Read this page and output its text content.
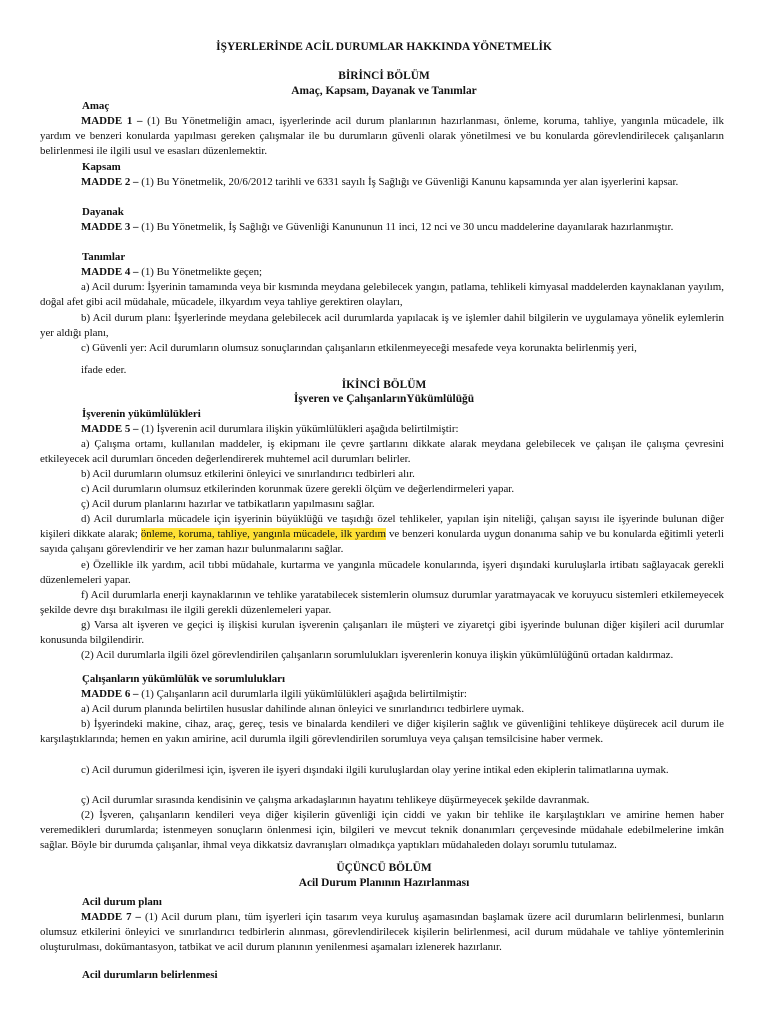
İŞYERLERİNDE ACİL DURUMLAR HAKKINDA YÖNETMELİK
BİRİNCİ BÖLÜM
Amaç, Kapsam, Dayanak ve Tanımlar
Amaç
MADDE 1 – (1) Bu Yönetmeliğin amacı, işyerlerinde acil durum planlarının hazırlanması, önleme, koruma, tahliye, yangınla mücadele, ilk yardım ve benzeri konularda yapılması gereken çalışmalar ile bu durumların güvenli olarak yönetilmesi ve bu konularda görevlendirilecek çalışanların belirlenmesi ile ilgili usul ve esasları düzenlemektir.
Kapsam
MADDE 2 – (1) Bu Yönetmelik, 20/6/2012 tarihli ve 6331 sayılı İş Sağlığı ve Güvenliği Kanunu kapsamında yer alan işyerlerini kapsar.
Dayanak
MADDE 3 – (1) Bu Yönetmelik, İş Sağlığı ve Güvenliği Kanununun 11 inci, 12 nci ve 30 uncu maddelerine dayanılarak hazırlanmıştır.
Tanımlar
MADDE 4 – (1) Bu Yönetmelikte geçen;
a) Acil durum: İşyerinin tamamında veya bir kısmında meydana gelebilecek yangın, patlama, tehlikeli kimyasal maddelerden kaynaklanan yayılım, doğal afet gibi acil müdahale, mücadele, ilkyardım veya tahliye gerektiren olayları,
b) Acil durum planı: İşyerlerinde meydana gelebilecek acil durumlarda yapılacak iş ve işlemler dahil bilgilerin ve uygulamaya yönelik eylemlerin yer aldığı planı,
c) Güvenli yer: Acil durumların olumsuz sonuçlarından çalışanların etkilenmeyeceği mesafede veya korunakta belirlenmiş yeri,
ifade eder.
İKİNCİ BÖLÜM
İşveren ve ÇalışanlarınYükümlülüğü
İşverenin yükümlülükleri
MADDE 5 – (1) İşverenin acil durumlara ilişkin yükümlülükleri aşağıda belirtilmiştir:
a) Çalışma ortamı, kullanılan maddeler, iş ekipmanı ile çevre şartlarını dikkate alarak meydana gelebilecek ve çalışan ile çalışma çevresini etkileyecek acil durumları önceden değerlendirerek muhtemel acil durumları belirler.
b) Acil durumların olumsuz etkilerini önleyici ve sınırlandırıcı tedbirleri alır.
c) Acil durumların olumsuz etkilerinden korunmak üzere gerekli ölçüm ve değerlendirmeleri yapar.
ç) Acil durum planlarını hazırlar ve tatbikatların yapılmasını sağlar.
d) Acil durumlarla mücadele için işyerinin büyüklüğü ve taşıdığı özel tehlikeler, yapılan işin niteliği, çalışan sayısı ile işyerinde bulunan diğer kişileri dikkate alarak; önleme, koruma, tahliye, yangınla mücadele, ilk yardım ve benzeri konularda uygun donanıma sahip ve bu konularda eğitimli yeterli sayıda çalışanı görevlendirir ve her zaman hazır bulunmalarını sağlar.
e) Özellikle ilk yardım, acil tıbbi müdahale, kurtarma ve yangınla mücadele konularında, işyeri dışındaki kuruluşlarla irtibatı sağlayacak gerekli düzenlemeleri yapar.
f) Acil durumlarla enerji kaynaklarının ve tehlike yaratabilecek sistemlerin olumsuz durumlar yaratmayacak ve koruyucu sistemleri etkilemeyecek şekilde devre dışı bırakılması ile ilgili gerekli düzenlemeleri yapar.
g) Varsa alt işveren ve geçici iş ilişkisi kurulan işverenin çalışanları ile müşteri ve ziyaretçi gibi işyerinde bulunan diğer kişileri acil durumlar konusunda bilgilendirir.
(2) Acil durumlarla ilgili özel görevlendirilen çalışanların sorumlulukları işverenlerin konuya ilişkin yükümlülüğünü ortadan kaldırmaz.
Çalışanların yükümlülük ve sorumlulukları
MADDE 6 – (1) Çalışanların acil durumlarla ilgili yükümlülükleri aşağıda belirtilmiştir:
a) Acil durum planında belirtilen hususlar dahilinde alınan önleyici ve sınırlandırıcı tedbirlere uymak.
b) İşyerindeki makine, cihaz, araç, gereç, tesis ve binalarda kendileri ve diğer kişilerin sağlık ve güvenliğini tehlikeye düşürecek acil durum ile karşılaştıklarında; hemen en yakın amirine, acil durumla ilgili görevlendirilen sorumluya veya çalışan temsilcisine haber vermek.
c) Acil durumun giderilmesi için, işveren ile işyeri dışındaki ilgili kuruluşlardan olay yerine intikal eden ekiplerin talimatlarına uymak.
ç) Acil durumlar sırasında kendisinin ve çalışma arkadaşlarının hayatını tehlikeye düşürmeyecek şekilde davranmak.
(2) İşveren, çalışanların kendileri veya diğer kişilerin güvenliği için ciddi ve yakın bir tehlike ile karşılaştıkları ve amirine hemen haber veremedikleri durumlarda; istenmeyen sonuçların önlenmesi için, bilgileri ve mevcut teknik donanımları çerçevesinde müdahale edebilmelerine imkân sağlar. Böyle bir durumda çalışanlar, ihmal veya dikkatsiz davranışları olmadıkça yaptıkları müdahaleden dolayı sorumlu tutulamaz.
ÜÇÜNCÜ BÖLÜM
Acil Durum Planının Hazırlanması
Acil durum planı
MADDE 7 – (1) Acil durum planı, tüm işyerleri için tasarım veya kuruluş aşamasından başlamak üzere acil durumların belirlenmesi, bunların olumsuz etkilerini önleyici ve sınırlandırıcı tedbirlerin alınması, görevlendirilecek kişilerin belirlenmesi, acil durum müdahale ve tahliye yöntemlerinin oluşturulması, dokümantasyon, tatbikat ve acil durum planının yenilenmesi aşamaları izlenerek hazırlanır.
Acil durumların belirlenmesi
